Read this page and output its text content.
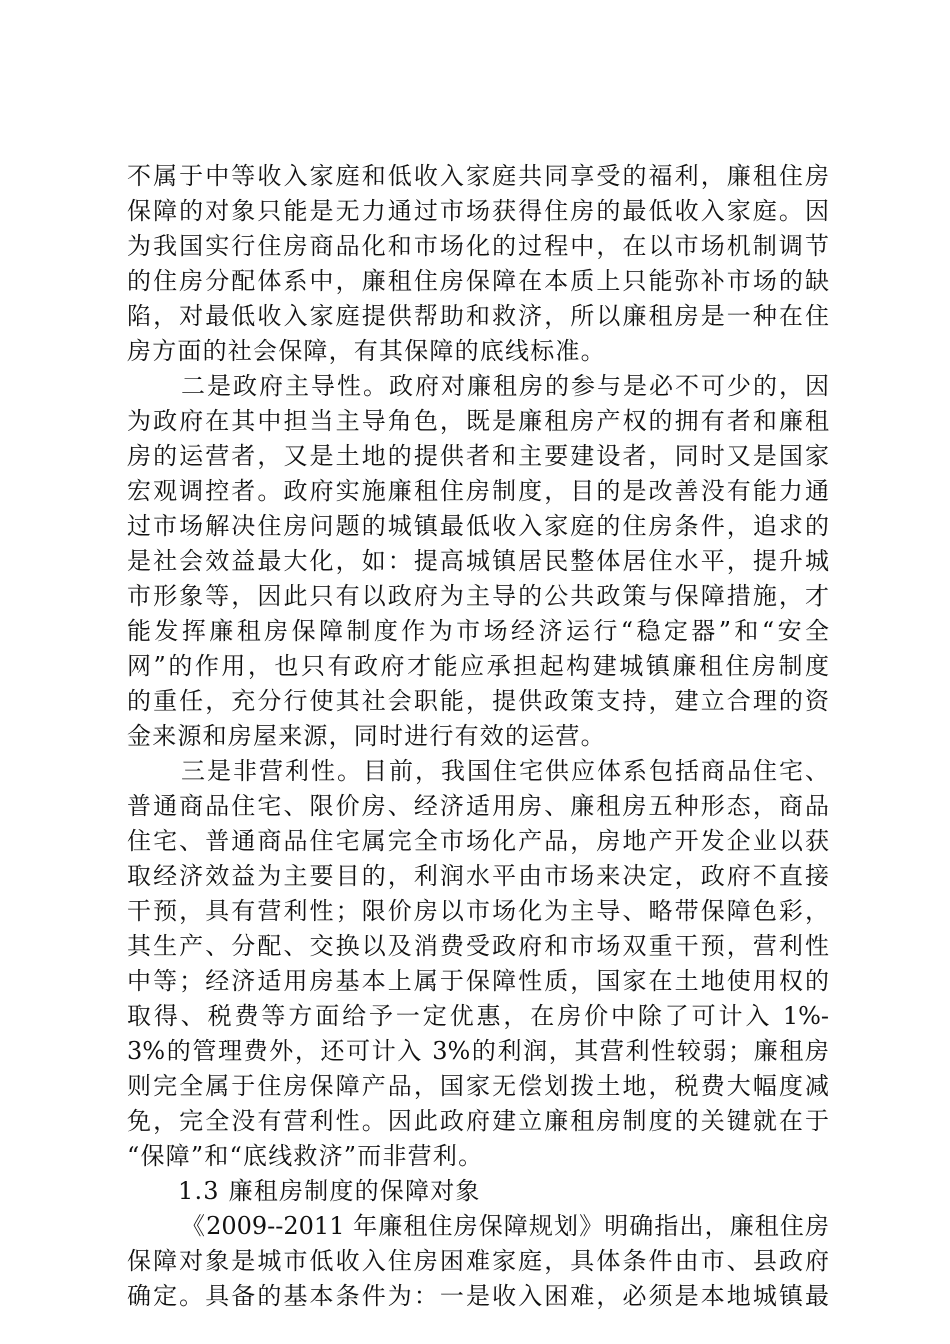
不属于中等收入家庭和低收入家庭共同享受的福利，廉租住房
保障的对象只能是无力通过市场获得住房的最低收入家庭。因
为我国实行住房商品化和市场化的过程中，在以市场机制调节
的住房分配体系中，廉租住房保障在本质上只能弥补市场的缺
陷，对最低收入家庭提供帮助和救济，所以廉租房是一种在住
房方面的社会保障，有其保障的底线标准。
二是政府主导性。政府对廉租房的参与是必不可少的，因
为政府在其中担当主导角色，既是廉租房产权的拥有者和廉租
房的运营者，又是土地的提供者和主要建设者，同时又是国家
宏观调控者。政府实施廉租住房制度，目的是改善没有能力通
过市场解决住房问题的城镇最低收入家庭的住房条件，追求的
是社会效益最大化，如：提高城镇居民整体居住水平，提升城
市形象等，因此只有以政府为主导的公共政策与保障措施，才
能发挥廉租房保障制度作为市场经济运行“稳定器”和“安全
网”的作用，也只有政府才能应承担起构建城镇廉租住房制度
的重任，充分行使其社会职能，提供政策支持，建立合理的资
金来源和房屋来源，同时进行有效的运营。
三是非营利性。目前，我国住宅供应体系包括商品住宅、
普通商品住宅、限价房、经济适用房、廉租房五种形态，商品
住宅、普通商品住宅属完全市场化产品，房地产开发企业以获
取经济效益为主要目的，利润水平由市场来决定，政府不直接
干预，具有营利性；限价房以市场化为主导、略带保障色彩，
其生产、分配、交换以及消费受政府和市场双重干预，营利性
中等；经济适用房基本上属于保障性质，国家在土地使用权的
取得、税费等方面给予一定优惠，在房价中除了可计入 1%-
3%的管理费外，还可计入 3%的利润，其营利性较弱；廉租房
则完全属于住房保障产品，国家无偿划拨土地，税费大幅度减
免，完全没有营利性。因此政府建立廉租房制度的关键就在于
“保障”和“底线救济”而非营利。
1.3 廉租房制度的保障对象
《2009--2011 年廉租住房保障规划》明确指出，廉租住房
保障对象是城市低收入住房困难家庭，具体条件由市、县政府
确定。具备的基本条件为：一是收入困难，必须是本地城镇最
